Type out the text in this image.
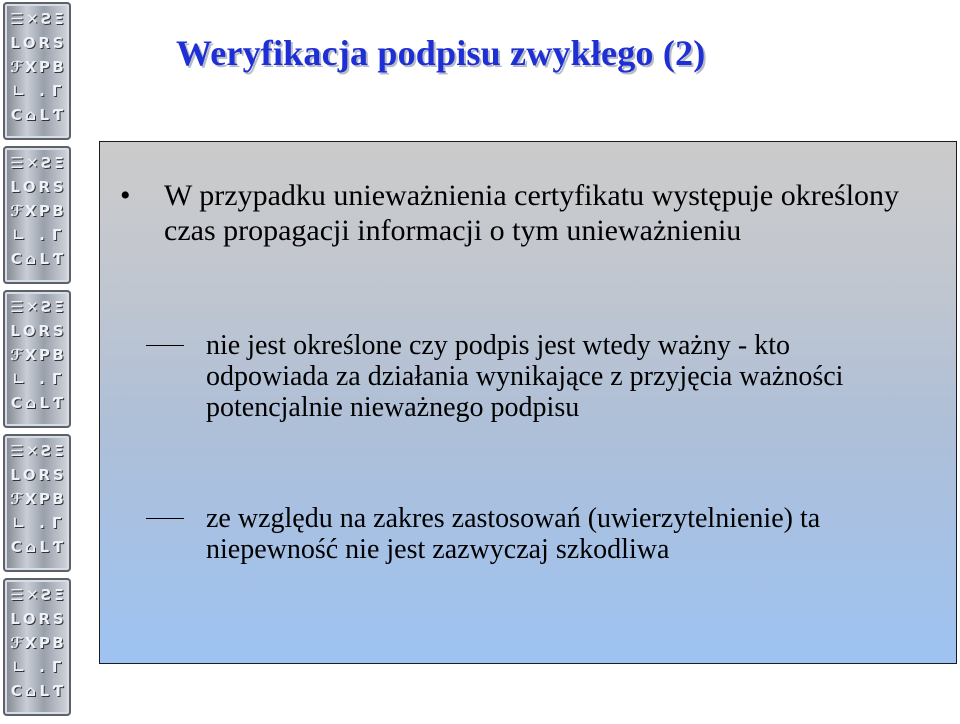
☰ ✕ Ƨ Ξ
L O R S
ℱ X P B
∟ . Γ
C ⌂ L Ƭ
☰ ✕ Ƨ Ξ
L O R S
ℱ X P B
∟ . Γ
C ⌂ L Ƭ
☰ ✕ Ƨ Ξ
L O R S
ℱ X P B
∟ . Γ
C ⌂ L Ƭ
☰ ✕ Ƨ Ξ
L O R S
ℱ X P B
∟ . Γ
C ⌂ L Ƭ
☰ ✕ Ƨ Ξ
L O R S
ℱ X P B
∟ . Γ
C ⌂ L Ƭ
Weryfikacja podpisu zwykłego (2)
• W przypadku unieważnienia certyfikatu występuje określony czas propagacji informacji o tym unieważnieniu
nie jest określone czy podpis jest wtedy ważny - kto odpowiada za działania wynikające z przyjęcia ważności potencjalnie nieważnego podpisu
ze względu na zakres zastosowań (uwierzytelnienie) ta niepewność nie jest zazwyczaj szkodliwa
